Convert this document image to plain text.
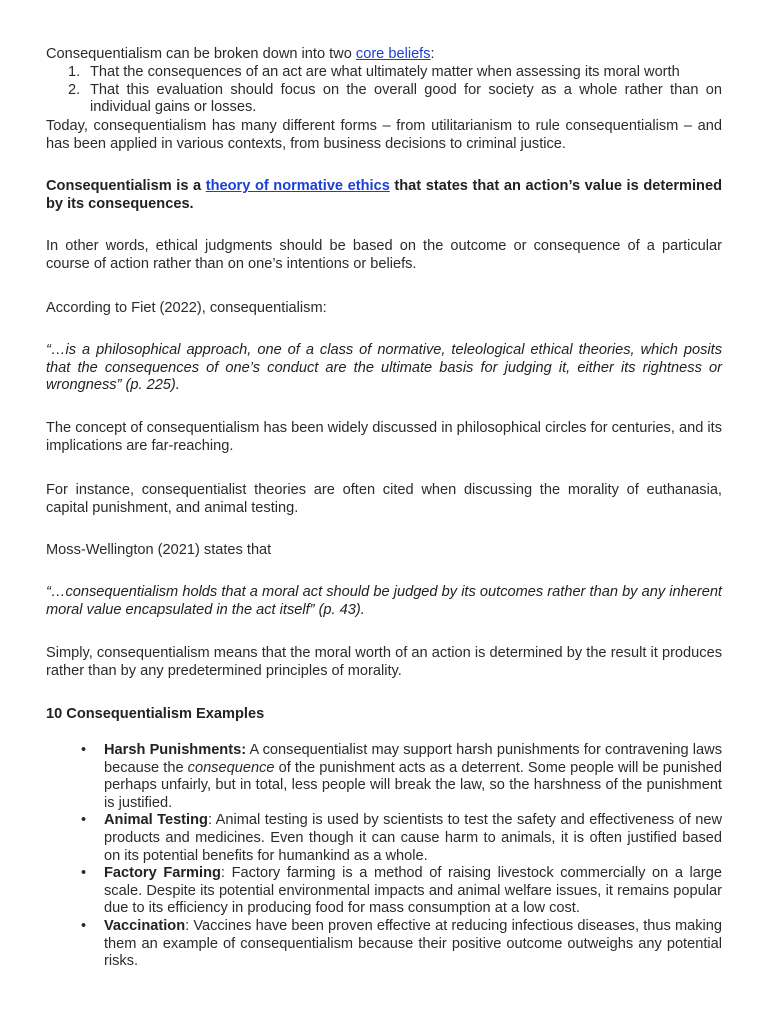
Consequentialism can be broken down into two core beliefs:

1. That the consequences of an act are what ultimately matter when assessing its moral worth
2. That this evaluation should focus on the overall good for society as a whole rather than on individual gains or losses.

Today, consequentialism has many different forms – from utilitarianism to rule consequentialism – and has been applied in various contexts, from business decisions to criminal justice.

Consequentialism is a theory of normative ethics that states that an action’s value is determined by its consequences.

In other words, ethical judgments should be based on the outcome or consequence of a particular course of action rather than on one’s intentions or beliefs.

According to Fiet (2022), consequentialism:

“…is a philosophical approach, one of a class of normative, teleological ethical theories, which posits that the consequences of one’s conduct are the ultimate basis for judging it, either its rightness or wrongness” (p. 225).

The concept of consequentialism has been widely discussed in philosophical circles for centuries, and its implications are far-reaching.

For instance, consequentialist theories are often cited when discussing the morality of euthanasia, capital punishment, and animal testing.

Moss-Wellington (2021) states that

“…consequentialism holds that a moral act should be judged by its outcomes rather than by any inherent moral value encapsulated in the act itself” (p. 43).

Simply, consequentialism means that the moral worth of an action is determined by the result it produces rather than by any predetermined principles of morality.

10 Consequentialism Examples

• Harsh Punishments: A consequentialist may support harsh punishments for contravening laws because the consequence of the punishment acts as a deterrent. Some people will be punished perhaps unfairly, but in total, less people will break the law, so the harshness of the punishment is justified.
• Animal Testing: Animal testing is used by scientists to test the safety and effectiveness of new products and medicines. Even though it can cause harm to animals, it is often justified based on its potential benefits for humankind as a whole.
• Factory Farming: Factory farming is a method of raising livestock commercially on a large scale. Despite its potential environmental impacts and animal welfare issues, it remains popular due to its efficiency in producing food for mass consumption at a low cost.
• Vaccination: Vaccines have been proven effective at reducing infectious diseases, thus making them an example of consequentialism because their positive outcome outweighs any potential risks.
